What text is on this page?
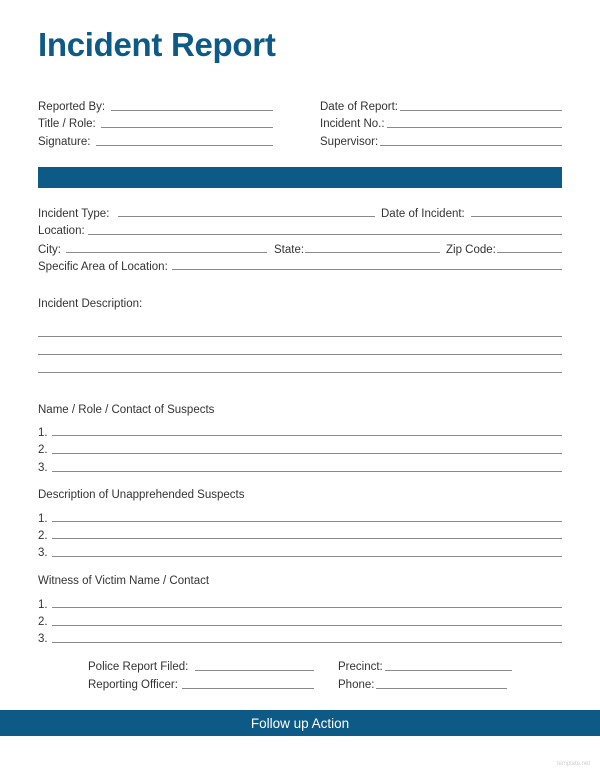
Incident Report
Reported By:
Title / Role:
Signature:
Date of Report:
Incident No.:
Supervisor:
Incident Type:	Date of Incident:
Location:
City:	State:	Zip Code:
Specific Area of Location:
Incident Description:
Name / Role / Contact of Suspects
1.
2.
3.
Description of Unapprehended Suspects
1.
2.
3.
Witness of Victim Name / Contact
1.
2.
3.
Police Report Filed:
Reporting Officer:
Precinct:
Phone:
Follow up Action
template.net
